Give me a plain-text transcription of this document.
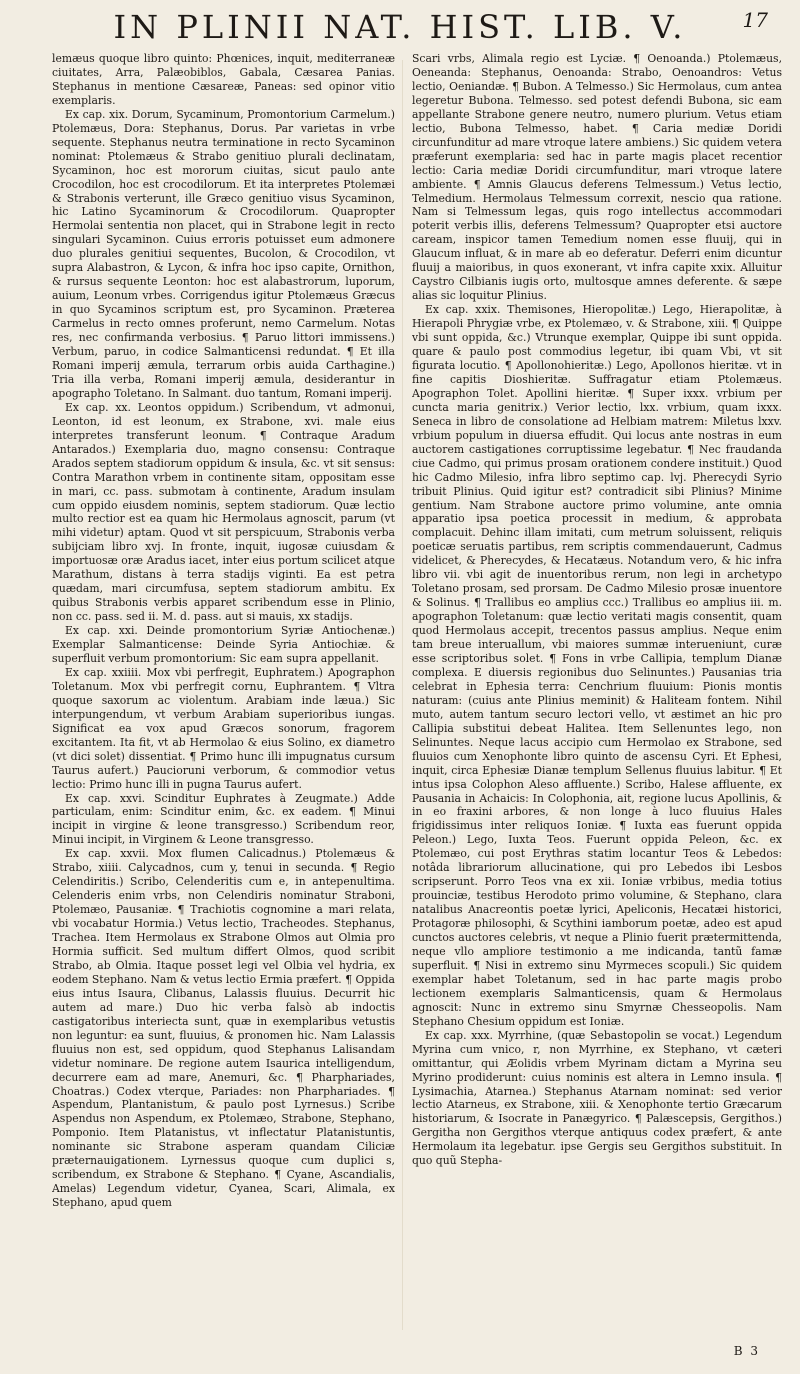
IN PLINII NAT. HIST. LIB. V.	17

lemæus quoque libro quinto: Phœnices, inquit, mediterraneæ ciuitates, Arra, Palæobiblos, Gabala, Cæsarea Panias. Stephanus in mentione Cæsareæ, Paneas: sed opinor vitio exemplaris.

Ex cap. xix. Dorum, Sycaminum, Promontorium Carmelum.) Ptolemæus, Dora: Stephanus, Dorus. Par varietas in vrbe sequente. Stephanus neutra terminatione in recto Sycaminon nominat: Ptolemæus & Strabo genitiuo plurali declinatam, Sycaminon, hoc est mororum ciuitas, sicut paulo ante Crocodilon, hoc est crocodilorum. Et ita interpretes Ptolemæi & Strabonis verterunt, ille Græco genitiuo visus Sycaminon, hic Latino Sycaminorum & Crocodilorum. Quapropter Hermolai sententia non placet, qui in Strabone legit in recto singulari Sycaminon. Cuius erroris potuisset eum admonere duo plurales genitiui sequentes, Bucolon, & Crocodilon, vt supra Alabastron, & Lycon, & infra hoc ipso capite, Ornithon, & rursus sequente Leonton: hoc est alabastrorum, luporum, auium, Leonum vrbes. Corrigendus igitur Ptolemæus Græcus in quo Sycaminos scriptum est, pro Sycaminon. Præterea Carmelus in recto omnes proferunt, nemo Carmelum. Notas res, nec confirmanda verbosius. ¶ Paruo littori immissens.) Verbum, paruo, in codice Salmanticensi redundat. ¶ Et illa Romani imperij æmula, terrarum orbis auida Carthagine.) Tria illa verba, Romani imperij æmula, desiderantur in apographo Toletano. In Salmant. duo tantum, Romani imperij.

Ex cap. xx. Leontos oppidum.) Scribendum, vt admonui, Leonton, id est leonum, ex Strabone, xvi. male eius interpretes transferunt leonum. ¶ Contraque Aradum Antarados.) Exemplaria duo, magno consensu: Contraque Arados septem stadiorum oppidum & insula, &c. vt sit sensus: Contra Marathon vrbem in continente sitam, oppositam esse in mari, cc. pass. submotam à continente, Aradum insulam cum oppido eiusdem nominis, septem stadiorum. Quæ lectio multo rectior est ea quam hic Hermolaus agnoscit, parum (vt mihi videtur) aptam. Quod vt sit perspicuum, Strabonis verba subijciam libro xvj. In fronte, inquit, iugosæ cuiusdam & importuosæ oræ Aradus iacet, inter eius portum scilicet atque Marathum, distans à terra stadijs viginti. Ea est petra quædam, mari circumfusa, septem stadiorum ambitu. Ex quibus Strabonis verbis apparet scribendum esse in Plinio, non cc. pass. sed ii. M. d. pass. aut si mauis, xx stadijs.

Ex cap. xxi. Deinde promontorium Syriæ Antiochenæ.) Exemplar Salmanticense: Deinde Syria Antiochiæ. & superfluit verbum promontorium: Sic eam supra appellanit.

Ex cap. xxiiii. Mox vbi perfregit, Euphratem.) Apographon Toletanum. Mox vbi perfregit cornu, Euphrantem. ¶ Vltra quoque saxorum ac violentum. Arabiam inde læua.) Sic interpungendum, vt verbum Arabiam superioribus iungas. Significat ea vox apud Græcos sonorum, fragorem excitantem. Ita fit, vt ab Hermolao & eius Solino, ex diametro (vt dici solet) dissentiat. ¶ Primo hunc illi impugnatus cursum Taurus aufert.) Paucioruni verborum, & commodior vetus lectio: Primo hunc illi in pugna Taurus aufert.

Ex cap. xxvi. Scinditur Euphrates à Zeugmate.) Adde particulam, enim: Scinditur enim, &c. ex eadem. ¶ Minui incipit in virgine & leone transgresso.) Scribendum reor, Minui incipit, in Virginem & Leone transgresso.

Ex cap. xxvii. Mox flumen Calicadnus.) Ptolemæus & Strabo, xiiii. Calycadnos, cum y, tenui in secunda. ¶ Regio Celendiritis.) Scribo, Celenderitis cum e, in antepenultima. Celenderis enim vrbs, non Celendiris nominatur Straboni, Ptolemæo, Pausaniæ. ¶ Trachiotis cognomine a mari relata, vbi vocabatur Hormia.) Vetus lectio, Tracheodes. Stephanus, Trachea. Item Hermolaus ex Strabone Olmos aut Olmia pro Hormia sufficit. Sed multum differt Olmos, quod scribit Strabo, ab Olmia. Itaque posset legi vel Olbia vel hydria, ex eodem Stephano. Nam & vetus lectio Ermia præfert. ¶ Oppida eius intus Isaura, Clibanus, Lalassis fluuius. Decurrit hic autem ad mare.) Duo hic verba falsò ab indoctis castigatoribus interiecta sunt, quæ in exemplaribus vetustis non leguntur: ea sunt, fluuius, & pronomen hic. Nam Lalassis fluuius non est, sed oppidum, quod Stephanus Lalisandam videtur nominare. De regione autem Isaurica intelligendum, decurrere eam ad mare, Anemuri, &c. ¶ Pharphariades, Choatras.) Codex vterque, Pariades: non Pharphariades. ¶ Aspendum, Plantanistum, & paulo post Lyrnesus.) Scribe Aspendus non Aspendum, ex Ptolemæo, Strabone, Stephano, Pomponio. Item Platanistus, vt inflectatur Platanistuntis, nominante sic Strabone asperam quandam Ciliciæ præternauigationem. Lyrnessus quoque cum duplici s, scribendum, ex Strabone & Stephano. ¶ Cyane, Ascandialis, Amelas) Legendum videtur, Cyanea, Scari, Alimala, ex Stephano, apud quem

Scari vrbs, Alimala regio est Lyciæ. ¶ Oenoanda.) Ptolemæus, Oeneanda: Stephanus, Oenoanda: Strabo, Oenoandros: Vetus lectio, Oeniandæ. ¶ Bubon. A Telmesso.) Sic Hermolaus, cum antea legeretur Bubona. Telmesso. sed potest defendi Bubona, sic eam appellante Strabone genere neutro, numero plurium. Vetus etiam lectio, Bubona Telmesso, habet. ¶ Caria mediæ Doridi circunfunditur ad mare vtroque latere ambiens.) Sic quidem vetera præferunt exemplaria: sed hac in parte magis placet recentior lectio: Caria mediæ Doridi circumfunditur, mari vtroque latere ambiente. ¶ Amnis Glaucus deferens Telmessum.) Vetus lectio, Telmedium. Hermolaus Telmessum correxit, nescio qua ratione. Nam si Telmessum legas, quis rogo intellectus accommodari poterit verbis illis, deferens Telmessum? Quapropter etsi auctore caream, inspicor tamen Temedium nomen esse fluuij, qui in Glaucum influat, & in mare ab eo deferatur. Deferri enim dicuntur fluuij a maioribus, in quos exonerant, vt infra capite xxix. Alluitur Caystro Cilbianis iugis orto, multosque amnes deferente. & sæpe alias sic loquitur Plinius.

Ex cap. xxix. Themisones, Hieropolitæ.) Lego, Hierapolitæ, à Hierapoli Phrygiæ vrbe, ex Ptolemæo, v. & Strabone, xiii. ¶ Quippe vbi sunt oppida, &c.) Vtrunque exemplar, Quippe ibi sunt oppida. quare & paulo post commodius legetur, ibi quam Vbi, vt sit figurata locutio. ¶ Apollonohieritæ.) Lego, Apollonos hieritæ. vt in fine capitis Dioshieritæ. Suffragatur etiam Ptolemæus. Apographon Tolet. Apollini hieritæ. ¶ Super ixxx. vrbium per cuncta maria genitrix.) Verior lectio, lxx. vrbium, quam ixxx. Seneca in libro de consolatione ad Helbiam matrem: Miletus lxxv. vrbium populum in diuersa effudit. Qui locus ante nostras in eum auctorem castigationes corruptissime legebatur. ¶ Nec fraudanda ciue Cadmo, qui primus prosam orationem condere instituit.) Quod hic Cadmo Milesio, infra libro septimo cap. lvj. Pherecydi Syrio tribuit Plinius. Quid igitur est? contradicit sibi Plinius? Minime gentium. Nam Strabone auctore primo volumine, ante omnia apparatio ipsa poetica processit in medium, & approbata complacuit. Dehinc illam imitati, cum metrum soluissent, reliquis poeticæ seruatis partibus, rem scriptis commendauerunt, Cadmus videlicet, & Pherecydes, & Hecatæus. Notandum vero, & hic infra libro vii. vbi agit de inuentoribus rerum, non legi in archetypo Toletano prosam, sed prorsam. De Cadmo Milesio prosæ inuentore & Solinus. ¶ Trallibus eo amplius ccc.) Trallibus eo amplius iii. m. apographon Toletanum: quæ lectio veritati magis consentit, quam quod Hermolaus accepit, trecentos passus amplius. Neque enim tam breue interuallum, vbi maiores summæ interueniunt, curæ esse scriptoribus solet. ¶ Fons in vrbe Callipia, templum Dianæ complexa. E diuersis regionibus duo Selinuntes.) Pausanias tria celebrat in Ephesia terra: Cenchrium fluuium: Pionis montis naturam: (cuius ante Plinius meminit) & Haliteam fontem. Nihil muto, autem tantum securo lectori vello, vt æstimet an hic pro Callipia substitui debeat Halitea. Item Sellenuntes lego, non Selinuntes. Neque lacus accipio cum Hermolao ex Strabone, sed fluuios cum Xenophonte libro quinto de ascensu Cyri. Et Ephesi, inquit, circa Ephesiæ Dianæ templum Sellenus fluuius labitur. ¶ Et intus ipsa Colophon Aleso affluente.) Scribo, Halese affluente, ex Pausania in Achaicis: In Colophonia, ait, regione lucus Apollinis, & in eo fraxini arbores, & non longe à luco fluuius Hales frigidissimus inter reliquos Ioniæ. ¶ Iuxta eas fuerunt oppida Peleon.) Lego, Iuxta Teos. Fuerunt oppida Peleon, &c. ex Ptolemæo, cui post Erythras statim locantur Teos & Lebedos: notâda librariorum allucinatione, qui pro Lebedos ibi Lesbos scripserunt. Porro Teos vna ex xii. Ioniæ vrbibus, media totius prouinciæ, testibus Herodoto primo volumine, & Stephano, clara natalibus Anacreontis poetæ lyrici, Apeliconis, Hecatæi historici, Protagoræ philosophi, & Scythini iamborum poetæ, adeo est apud cunctos auctores celebris, vt neque a Plinio fuerit prætermittenda, neque vllo ampliore testimonio a me indicanda, tantũ famæ superfluit. ¶ Nisi in extremo sinu Myrmeces scopuli.) Sic quidem exemplar habet Toletanum, sed in hac parte magis probo lectionem exemplaris Salmanticensis, quam & Hermolaus agnoscit: Nunc in extremo sinu Smyrnæ Chesseopolis. Nam Stephano Chesium oppidum est Ioniæ.

Ex cap. xxx. Myrrhine, (quæ Sebastopolin se vocat.) Legendum Myrina cum vnico, r, non Myrrhine, ex Stephano, vt cæteri omittantur, qui Æolidis vrbem Myrinam dictam a Myrina seu Myrino prodiderunt: cuius nominis est altera in Lemno insula. ¶ Lysimachia, Atarnea.) Stephanus Atarnam nominat: sed verior lectio Atarneus, ex Strabone, xiii. & Xenophonte tertio Græcarum historiarum, & Isocrate in Panægyrico. ¶ Palæscepsis, Gergithos.) Gergitha non Gergithos vterque antiquus codex præfert, & ante Hermolaum ita legebatur. ipse Gergis seu Gergithos substituit. In quo quũ Stepha-

B 3
